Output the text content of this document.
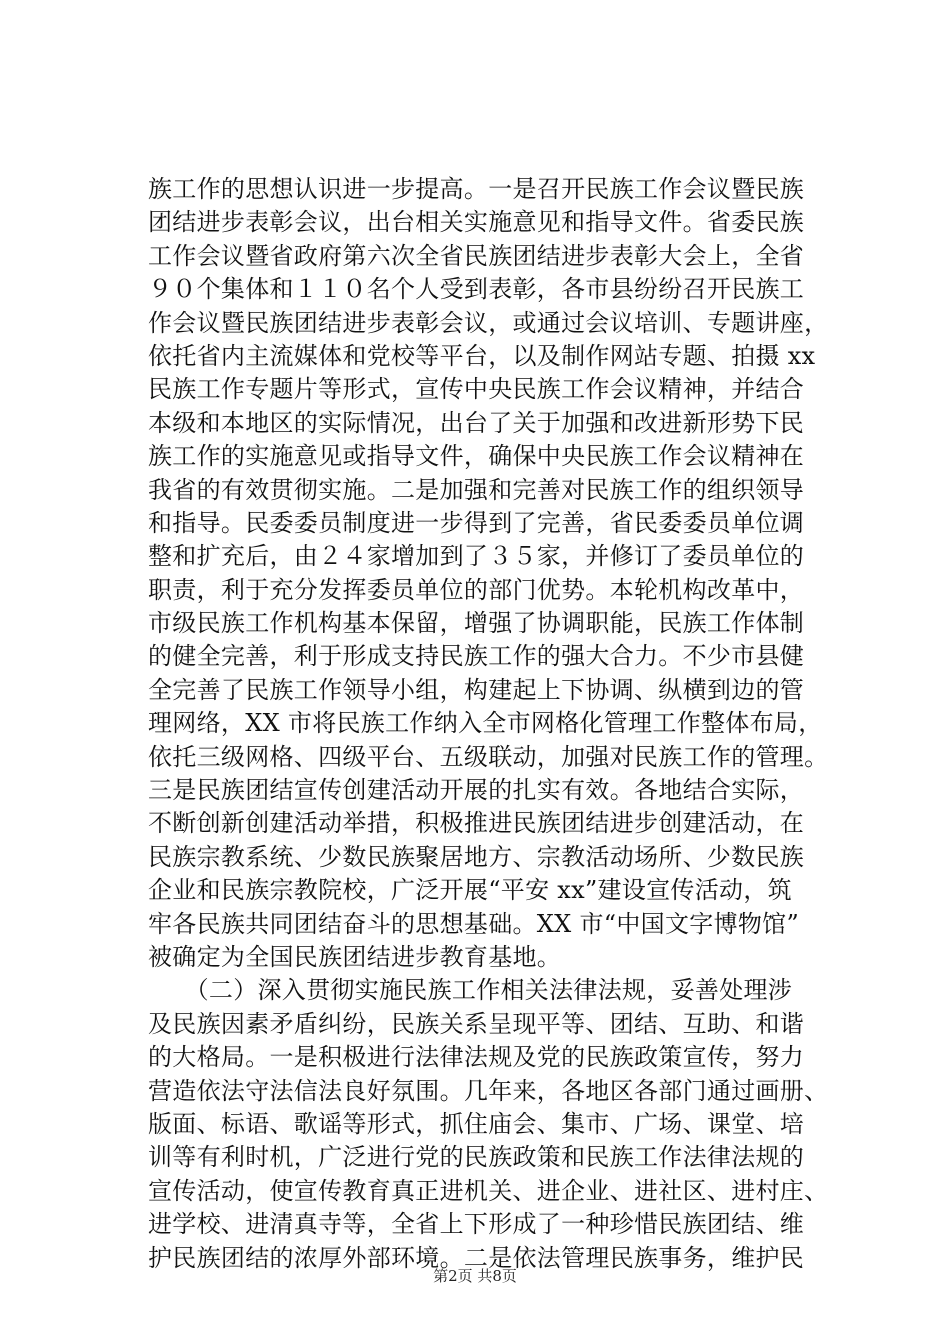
族工作的思想认识进一步提高。一是召开民族工作会议暨民族
团结进步表彰会议，出台相关实施意见和指导文件。省委民族
工作会议暨省政府第六次全省民族团结进步表彰大会上，全省
９０个集体和１１０名个人受到表彰，各市县纷纷召开民族工
作会议暨民族团结进步表彰会议，或通过会议培训、专题讲座，
依托省内主流媒体和党校等平台，以及制作网站专题、拍摄 xx
民族工作专题片等形式，宣传中央民族工作会议精神，并结合
本级和本地区的实际情况，出台了关于加强和改进新形势下民
族工作的实施意见或指导文件，确保中央民族工作会议精神在
我省的有效贯彻实施。二是加强和完善对民族工作的组织领导
和指导。民委委员制度进一步得到了完善，省民委委员单位调
整和扩充后，由２４家增加到了３５家，并修订了委员单位的
职责，利于充分发挥委员单位的部门优势。本轮机构改革中，
市级民族工作机构基本保留，增强了协调职能，民族工作体制
的健全完善，利于形成支持民族工作的强大合力。不少市县健
全完善了民族工作领导小组，构建起上下协调、纵横到边的管
理网络，XX 市将民族工作纳入全市网格化管理工作整体布局，
依托三级网格、四级平台、五级联动，加强对民族工作的管理。
三是民族团结宣传创建活动开展的扎实有效。各地结合实际，
不断创新创建活动举措，积极推进民族团结进步创建活动，在
民族宗教系统、少数民族聚居地方、宗教活动场所、少数民族
企业和民族宗教院校，广泛开展“平安 xx”建设宣传活动，筑
牢各民族共同团结奋斗的思想基础。XX 市“中国文字博物馆”
被确定为全国民族团结进步教育基地。
　　（二）深入贯彻实施民族工作相关法律法规，妥善处理涉
及民族因素矛盾纠纷，民族关系呈现平等、团结、互助、和谐
的大格局。一是积极进行法律法规及党的民族政策宣传，努力
营造依法守法信法良好氛围。几年来，各地区各部门通过画册、
版面、标语、歌谣等形式，抓住庙会、集市、广场、课堂、培
训等有利时机，广泛进行党的民族政策和民族工作法律法规的
宣传活动，使宣传教育真正进机关、进企业、进社区、进村庄、
进学校、进清真寺等，全省上下形成了一种珍惜民族团结、维
护民族团结的浓厚外部环境。二是依法管理民族事务，维护民
第2页 共8页
